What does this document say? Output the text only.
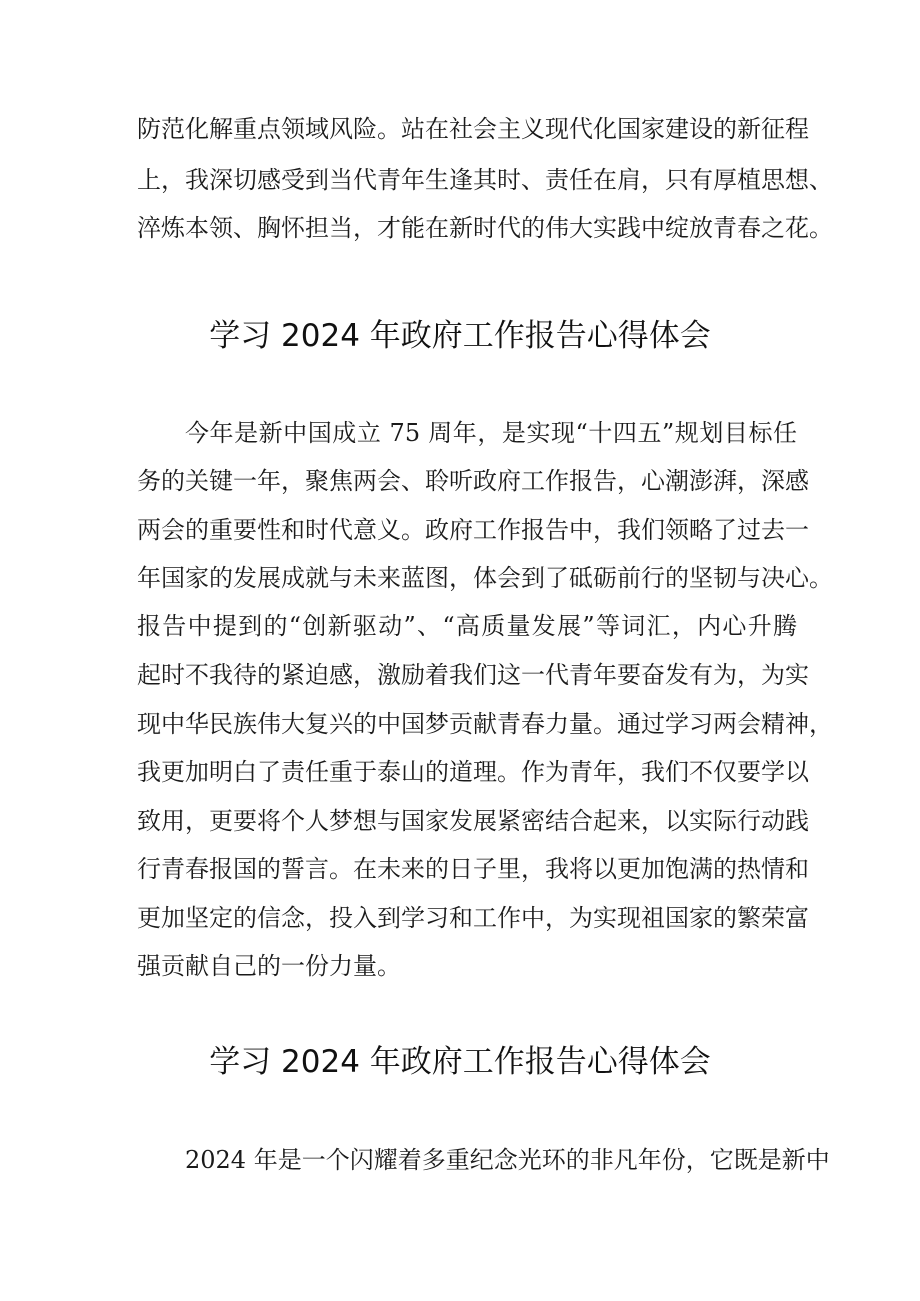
防范化解重点领域风险。站在社会主义现代化国家建设的新征程
上，我深切感受到当代青年生逢其时、责任在肩，只有厚植思想、
淬炼本领、胸怀担当，才能在新时代的伟大实践中绽放青春之花。
学习 2024 年政府工作报告心得体会
今年是新中国成立 75 周年，是实现“十四五”规划目标任
务的关键一年，聚焦两会、聆听政府工作报告，心潮澎湃，深感
两会的重要性和时代意义。政府工作报告中，我们领略了过去一
年国家的发展成就与未来蓝图，体会到了砥砺前行的坚韧与决心。
报告中提到的“创新驱动”、“高质量发展”等词汇，内心升腾
起时不我待的紧迫感，激励着我们这一代青年要奋发有为，为实
现中华民族伟大复兴的中国梦贡献青春力量。通过学习两会精神，
我更加明白了责任重于泰山的道理。作为青年，我们不仅要学以
致用，更要将个人梦想与国家发展紧密结合起来，以实际行动践
行青春报国的誓言。在未来的日子里，我将以更加饱满的热情和
更加坚定的信念，投入到学习和工作中，为实现祖国家的繁荣富
强贡献自己的一份力量。
学习 2024 年政府工作报告心得体会
2024 年是一个闪耀着多重纪念光环的非凡年份，它既是新中
